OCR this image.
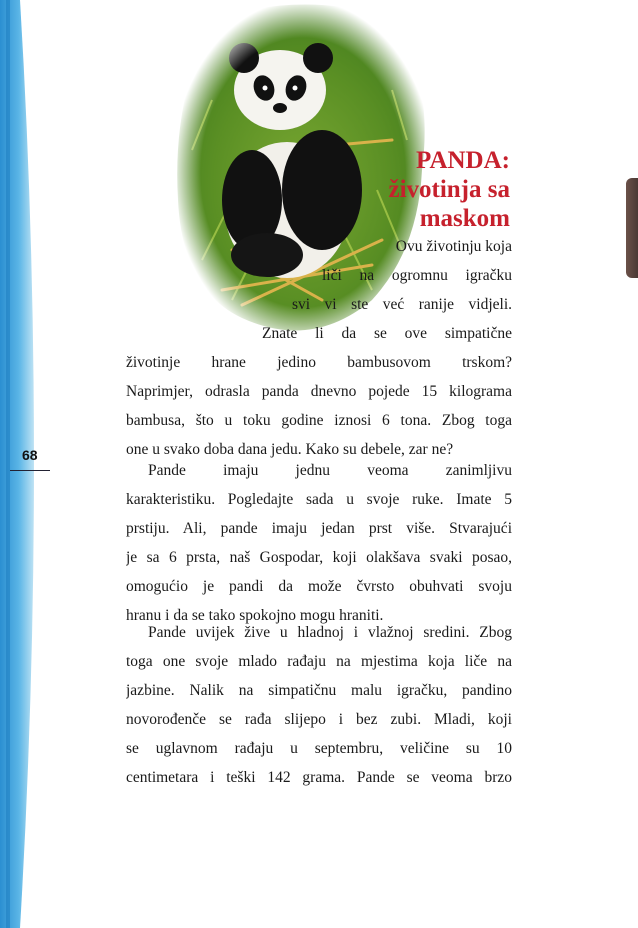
68
PANDA:
životinja sa
maskom
Ovu životinju koja
liči na ogromnu igračku
svi vi ste već ranije vidjeli.
Znate li da se ove simpatične
životinje hrane jedino bambusovom trskom?
Naprimjer, odrasla panda dnevno pojede 15 kilograma
bambusa, što u toku godine iznosi 6 tona. Zbog toga
one u svako doba dana jedu. Kako su debele, zar ne?
Pande imaju jednu veoma zanimljivu
karakteristiku. Pogledajte sada u svoje ruke. Imate 5
prstiju. Ali, pande imaju jedan prst više. Stvarajući
je sa 6 prsta, naš Gospodar, koji olakšava svaki posao,
omogućio je pandi da može čvrsto obuhvati svoju
hranu i da se tako spokojno mogu hraniti.
Pande uvijek žive u hladnoj i vlažnoj sredini. Zbog
toga one svoje mlado rađaju na mjestima koja liče na
jazbine. Nalik na simpatičnu malu igračku, pandino
novorođenče se rađa slijepo i bez zubi. Mladi, koji
se uglavnom rađaju u septembru, veličine su 10
centimetara i teški 142 grama. Pande se veoma brzo
